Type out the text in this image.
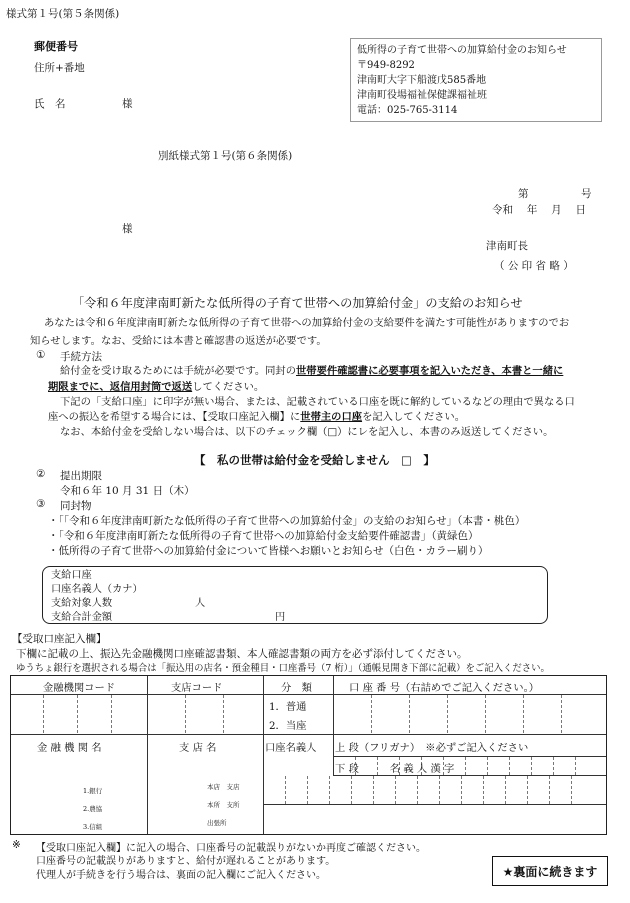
様式第１号(第５条関係)
郵便番号
住所+番地
氏　名	様
低所得の子育て世帯への加算給付金のお知らせ
〒949-8292
津南町大字下船渡戊585番地
津南町役場福祉保健課福祉班
電話：025-765-3114
別紙様式第１号(第６条関係)
第　　　　　号
令和　 年　 月　 日
様
津南町長
（ 公 印 省 略 ）
「令和６年度津南町新たな低所得の子育て世帯への加算給付金」の支給のお知らせ
あなたは令和６年度津南町新たな低所得の子育て世帯への加算給付金の支給要件を満たす可能性がありますのでお
知らせします。なお、受給には本書と確認書の返送が必要です。
① 手続方法
給付金を受け取るためには手続が必要です。同封の世帯要件確認書に必要事項を記入いただき、本書と一緒に
期限までに、返信用封筒で返送してください。
下記の「支給口座」に印字が無い場合、または、記載されている口座を既に解約しているなどの理由で異なる口
座への振込を希望する場合には、【受取口座記入欄】に世帯主の口座を記入してください。
なお、本給付金を受給しない場合は、以下のチェック欄（□）にレを記入し、本書のみ返送してください。
【　私の世帯は給付金を受給しません　□　】
② 提出期限
令和６年 10 月 31 日（木）
③ 同封物
・「「令和６年度津南町新たな低所得の子育て世帯への加算給付金」の支給のお知らせ」（本書・桃色）
・「令和６年度津南町新たな低所得の子育て世帯への加算給付金支給要件確認書」（黄緑色）
・低所得の子育て世帯への加算給付金について皆様へお願いとお知らせ（白色・カラー刷り）
支給口座
口座名義人（カナ）
支給対象人数	人
支給合計金額	円
【受取口座記入欄】
下欄に記載の上、振込先金融機関口座確認書類、本人確認書類の両方を必ず添付してください。
ゆうちょ銀行を選択される場合は「振込用の店名・預金種目・口座番号（7 桁）」（通帳見開き下部に記載）をご記入ください。
金融機関コード	支店コード	分　類	口 座 番 号（右詰めでご記入ください。）
1．普通
2．当座
金 融 機 関 名	支 店 名	口座名義人 上 段（フリガナ）　※必ずご記入ください
下 段　　　名 義 人 漢 字
1.銀行
2.農協
3.信組
本店　支店
本所　支所
出張所
※ 【受取口座記入欄】に記入の場合、口座番号の記載誤りがないか再度ご確認ください。
口座番号の記載誤りがありますと、給付が遅れることがあります。
代理人が手続きを行う場合は、裏面の記入欄にご記入ください。	★裏面に続きます
